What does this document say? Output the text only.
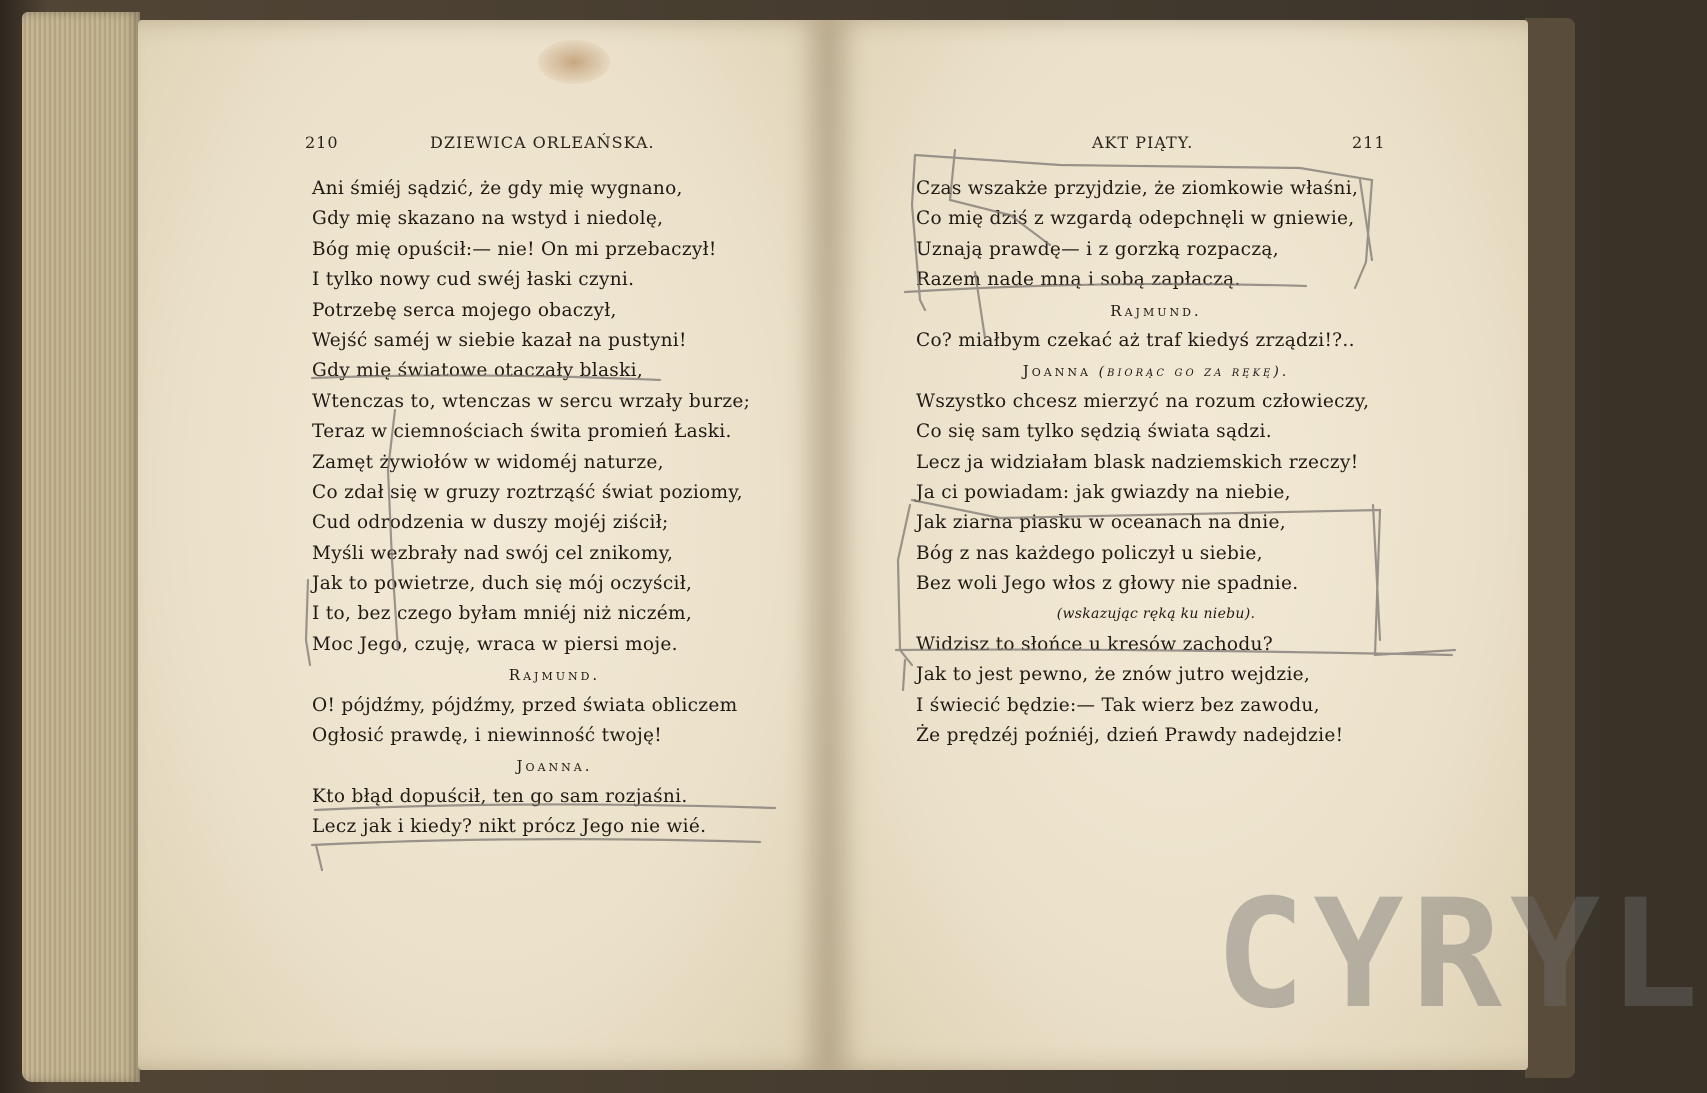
210	DZIEWICA ORLEAŃSKA.	AKT PIĄTY.	211
Ani śmiéj sądzić, że gdy mię wygnano,
Gdy mię skazano na wstyd i niedolę,
Bóg mię opuścił:— nie! On mi przebaczył!
I tylko nowy cud swéj łaski czyni.
Potrzebę serca mojego obaczył,
Wejść saméj w siebie kazał na pustyni!
Gdy mię światowe otaczały blaski,
Wtenczas to, wtenczas w sercu wrzały burze;
Teraz w ciemnościach świta promień Łaski.
Zamęt żywiołów w widoméj naturze,
Co zdał się w gruzy roztrząść świat poziomy,
Cud odrodzenia w duszy mojéj ziścił;
Myśli wezbrały nad swój cel znikomy,
Jak to powietrze, duch się mój oczyścił,
I to, bez czego byłam mniéj niż niczém,
Moc Jego, czuję, wraca w piersi moje.
Rajmund.
O! pójdźmy, pójdźmy, przed świata obliczem
Ogłosić prawdę, i niewinność twoję!
Joanna.
Kto błąd dopuścił, ten go sam rozjaśni.
Lecz jak i kiedy? nikt prócz Jego nie wié.
Czas wszakże przyjdzie, że ziomkowie właśni,
Co mię dziś z wzgardą odepchnęli w gniewie,
Uznają prawdę— i z gorzką rozpaczą,
Razem nade mną i sobą zapłaczą.
Rajmund.
Co? miałbym czekać aż traf kiedyś zrządzi!?..
Joanna (biorąc go za rękę).
Wszystko chcesz mierzyć na rozum człowieczy,
Co się sam tylko sędzią świata sądzi.
Lecz ja widziałam blask nadziemskich rzeczy!
Ja ci powiadam: jak gwiazdy na niebie,
Jak ziarna piasku w oceanach na dnie,
Bóg z nas każdego policzył u siebie,
Bez woli Jego włos z głowy nie spadnie.
(wskazując ręką ku niebu).
Widzisz to słońce u kresów zachodu?
Jak to jest pewno, że znów jutro wejdzie,
I świecić będzie:— Tak wierz bez zawodu,
Że prędzéj poźniéj, dzień Prawdy nadejdzie!
CYRYL
